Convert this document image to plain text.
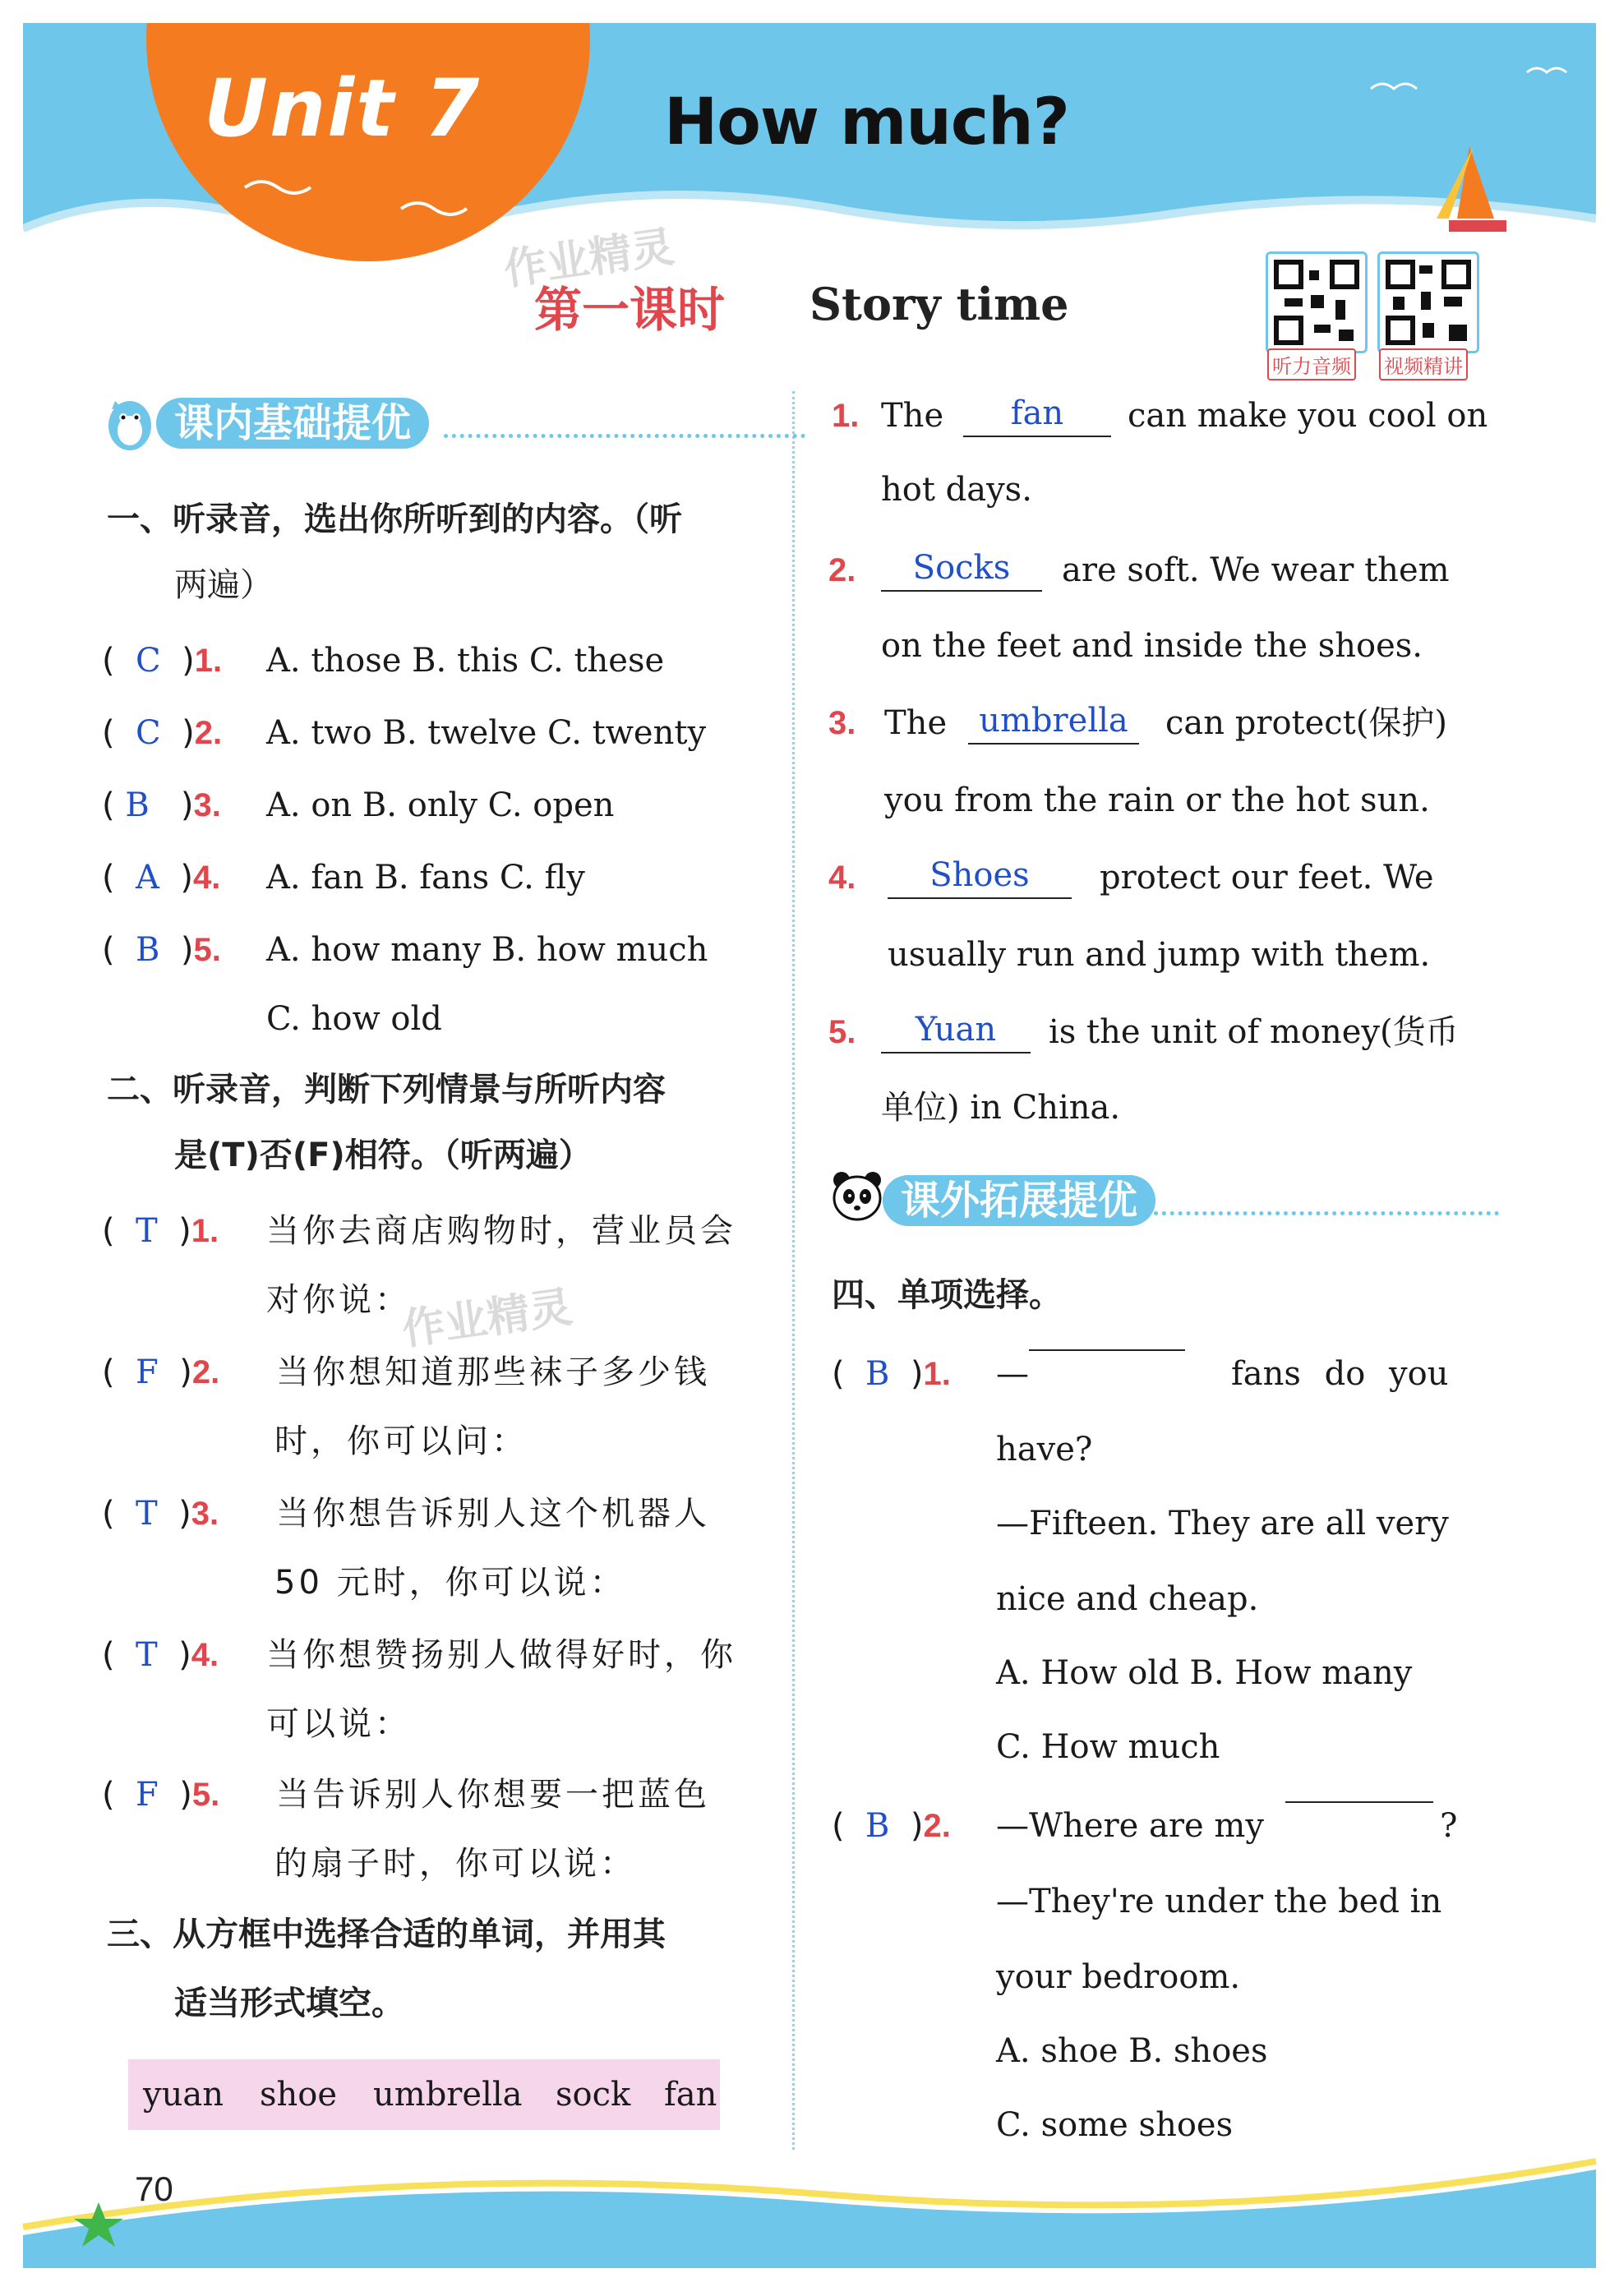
Unit 7	How much?
作业精灵
第一课时 Story time
听力音频 视频精讲
课内基础提优
一、听录音，选出你所听到的内容。（听
两遍）
(  C  )1. A. those B. this C. these
(  C  )2. A. two B. twelve C. twenty
( B   )3. A. on B. only C. open
(  A  )4. A. fan B. fans C. fly
(  B  )5. A. how many B. how much
C. how old
二、听录音，判断下列情景与所听内容
是(T)否(F)相符。（听两遍）
(  T  )1. 当你去商店购物时，营业员会
对你说：
作业精灵
(  F  )2. 当你想知道那些袜子多少钱
时，你可以问：
(  T  )3. 当你想告诉别人这个机器人
50 元时，你可以说：
(  T  )4. 当你想赞扬别人做得好时，你
可以说：
(  F  )5. 当告诉别人你想要一把蓝色
的扇子时，你可以说：
三、从方框中选择合适的单词，并用其
适当形式填空。
yuan shoe umbrella sock fan
1. The	fan	can make you cool on
hot days.
2.	Socks	are soft. We wear them
on the feet and inside the shoes.
3. The umbrella	can protect(保护)
you from the rain or the hot sun.
4.	Shoes	protect our feet. We
usually run and jump with them.
5.	Yuan	is the unit of money(货币
单位) in China.
课外拓展提优
四、单项选择。
(  B  )1. —	fans do you
have?
—Fifteen. They are all very
nice and cheap.
A. How old B. How many
C. How much
(  B  )2. —Where are my	?
—They're under the bed in
your bedroom.
A. shoe B. shoes
C. some shoes
70
